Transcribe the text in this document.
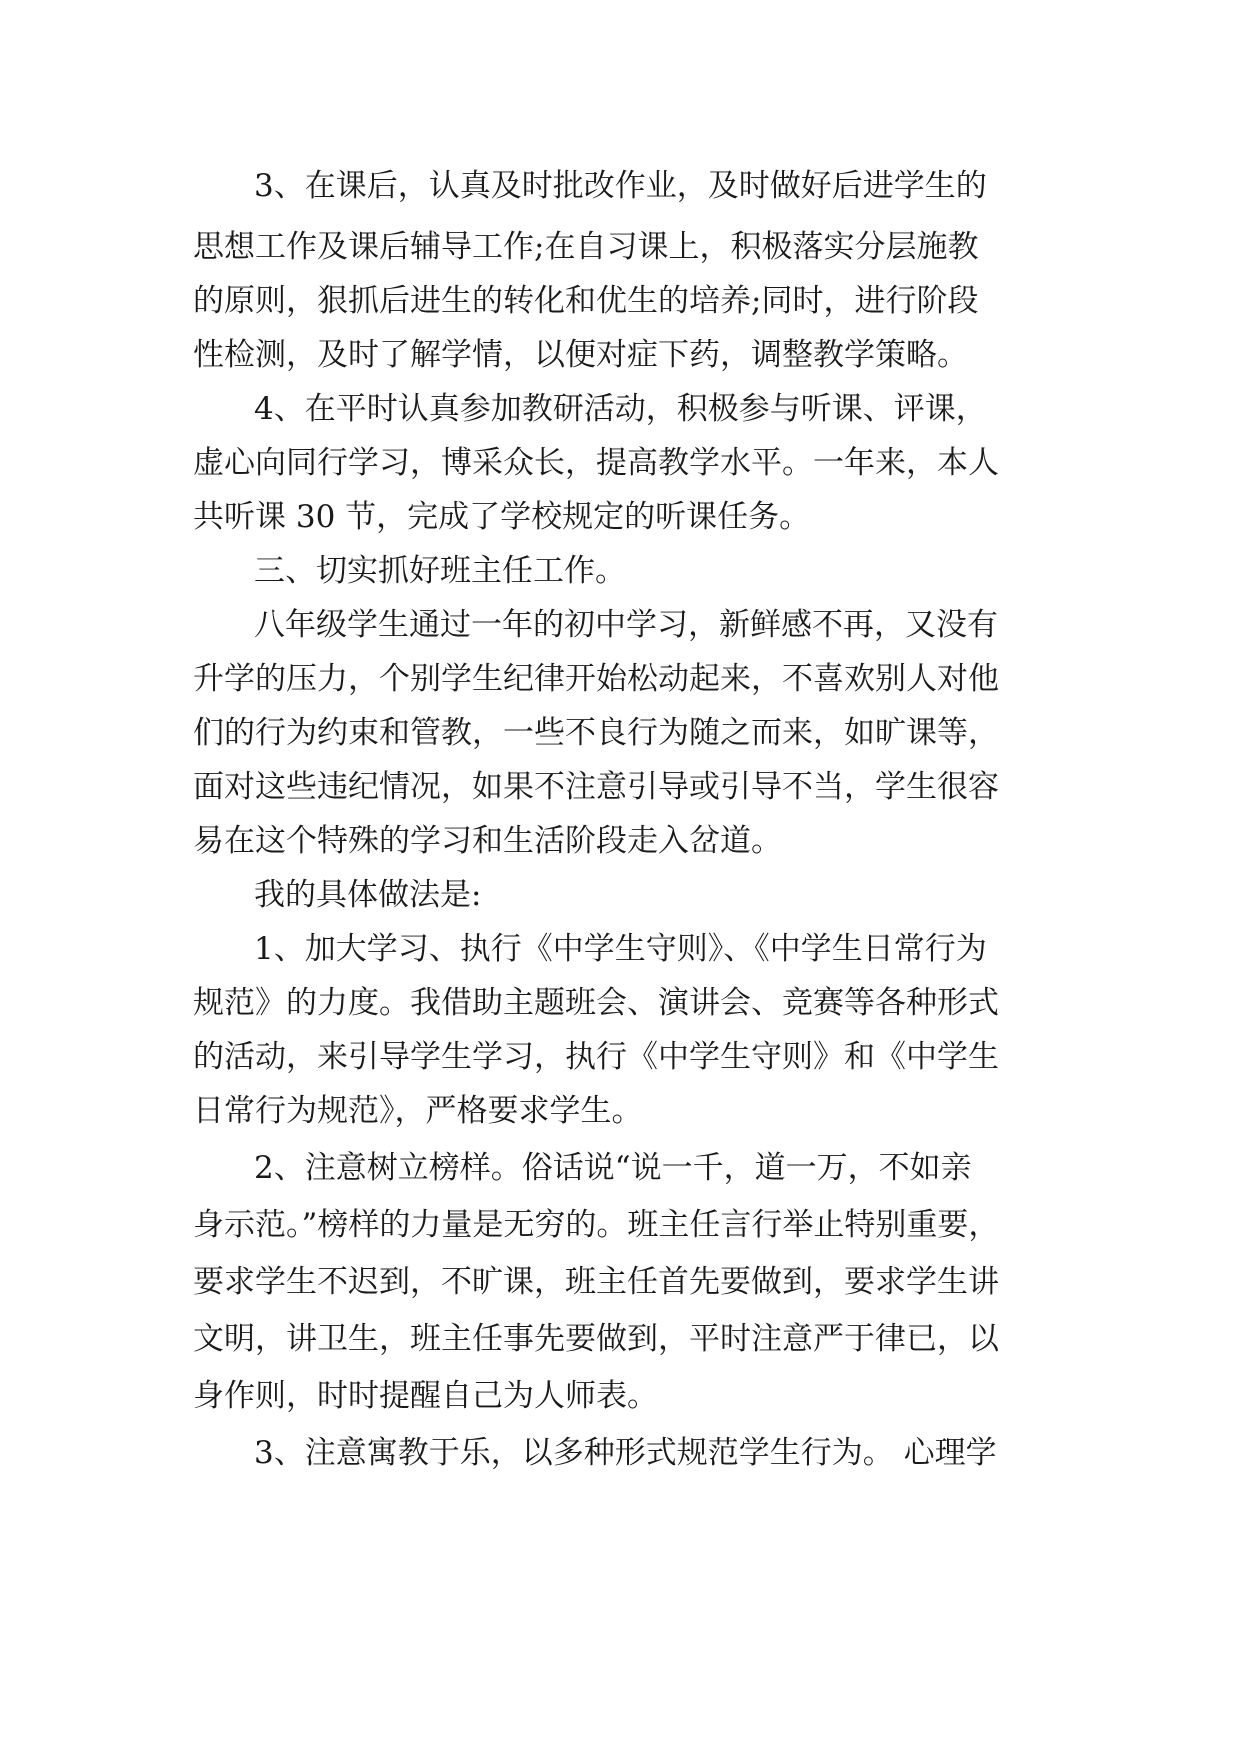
3、在课后，认真及时批改作业，及时做好后进学生的
思想工作及课后辅导工作;在自习课上，积极落实分层施教
的原则，狠抓后进生的转化和优生的培养;同时，进行阶段
性检测，及时了解学情，以便对症下药，调整教学策略。
4、在平时认真参加教研活动，积极参与听课、评课，
虚心向同行学习，博采众长，提高教学水平。一年来，本人
共听课 30 节，完成了学校规定的听课任务。
三、切实抓好班主任工作。
八年级学生通过一年的初中学习，新鲜感不再，又没有
升学的压力，个别学生纪律开始松动起来，不喜欢别人对他
们的行为约束和管教，一些不良行为随之而来，如旷课等，
面对这些违纪情况，如果不注意引导或引导不当，学生很容
易在这个特殊的学习和生活阶段走入岔道。
我的具体做法是:
1、加大学习、执行《中学生守则》、《中学生日常行为
规范》的力度。我借助主题班会、演讲会、竞赛等各种形式
的活动，来引导学生学习，执行《中学生守则》和《中学生
日常行为规范》，严格要求学生。
2、注意树立榜样。俗话说“说一千，道一万，不如亲
身示范。”榜样的力量是无穷的。班主任言行举止特别重要，
要求学生不迟到，不旷课，班主任首先要做到，要求学生讲
文明，讲卫生，班主任事先要做到，平时注意严于律已，以
身作则，时时提醒自己为人师表。
3、注意寓教于乐，以多种形式规范学生行为。 心理学
